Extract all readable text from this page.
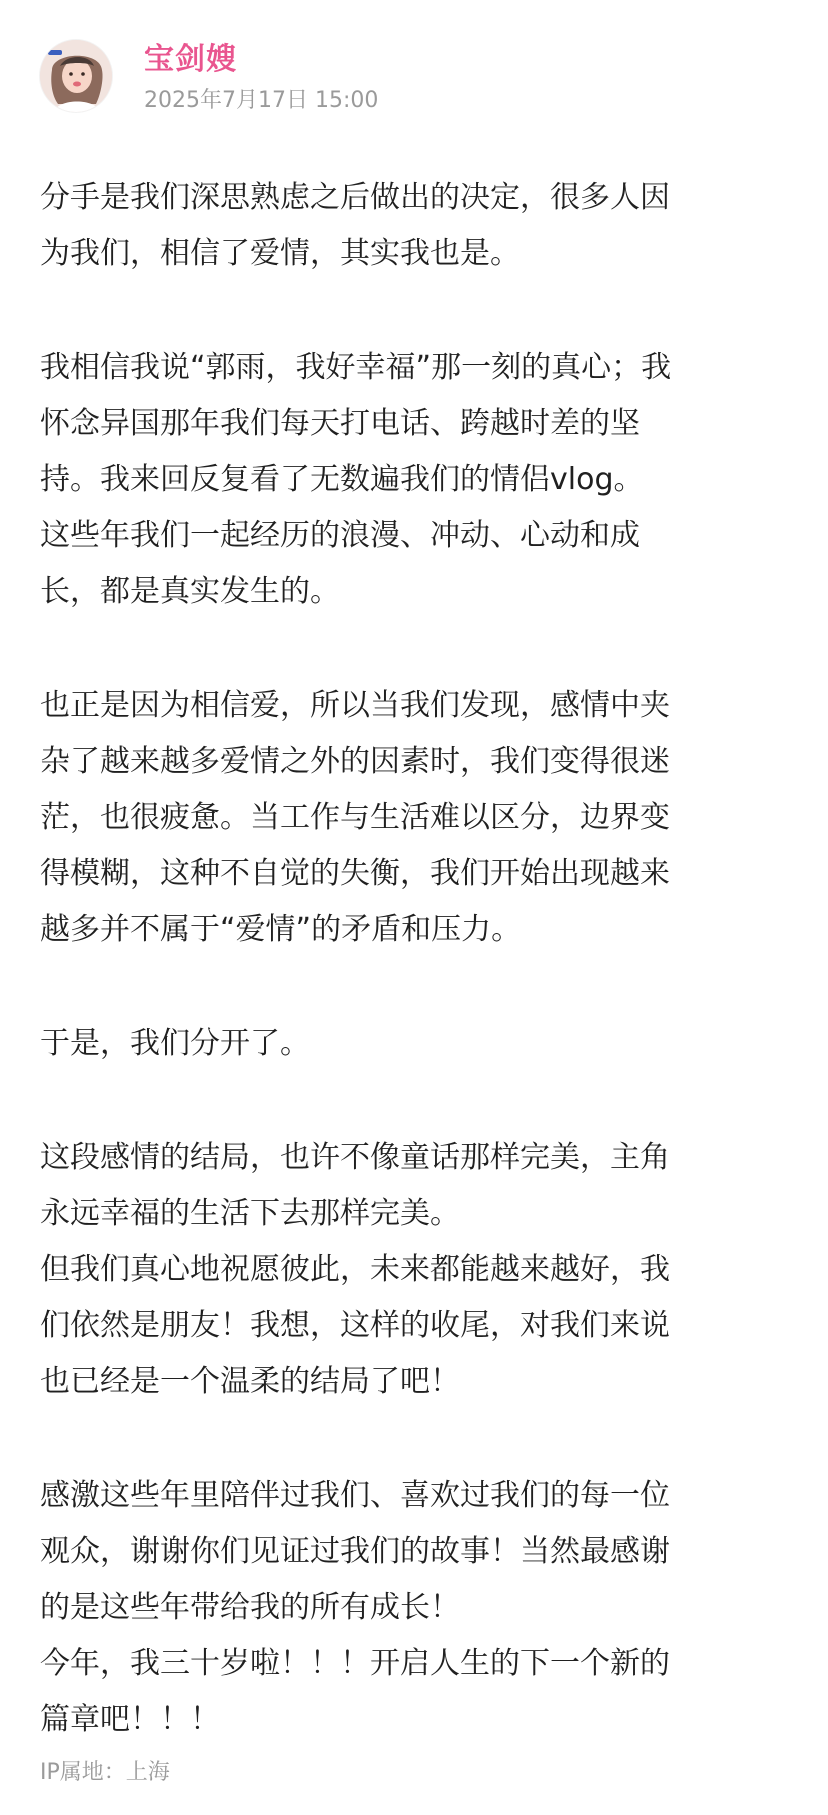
宝剑嫂
2025年7月17日 15:00
分手是我们深思熟虑之后做出的决定，很多人因
为我们，相信了爱情，其实我也是。
我相信我说“郭雨，我好幸福”那一刻的真心；我
怀念异国那年我们每天打电话、跨越时差的坚
持。我来回反复看了无数遍我们的情侣vlog。
这些年我们一起经历的浪漫、冲动、心动和成
长，都是真实发生的。
也正是因为相信爱，所以当我们发现，感情中夹
杂了越来越多爱情之外的因素时，我们变得很迷
茫，也很疲惫。当工作与生活难以区分，边界变
得模糊，这种不自觉的失衡，我们开始出现越来
越多并不属于“爱情”的矛盾和压力。
于是，我们分开了。
这段感情的结局，也许不像童话那样完美，主角
永远幸福的生活下去那样完美。
但我们真心地祝愿彼此，未来都能越来越好，我
们依然是朋友！我想，这样的收尾，对我们来说
也已经是一个温柔的结局了吧！
感激这些年里陪伴过我们、喜欢过我们的每一位
观众，谢谢你们见证过我们的故事！当然最感谢
的是这些年带给我的所有成长！
今年，我三十岁啦！！！开启人生的下一个新的
篇章吧！！！
IP属地：上海
